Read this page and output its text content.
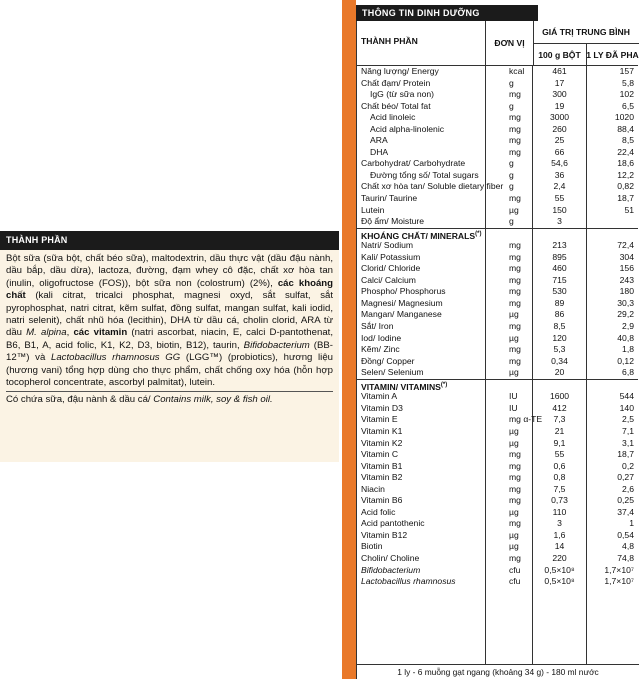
THÀNH PHẦN

Bột sữa (sữa bột, chất béo sữa), maltodextrin, dầu thực vật (dầu đậu nành, dầu bắp, dầu dừa), lactoza, đường, đạm whey cô đặc, chất xơ hòa tan (inulin, oligofructose (FOS)), bột sữa non (colostrum) (2%), các khoáng chất (kali citrat, tricalci phosphat, magnesi oxyd, sắt sulfat, sắt pyrophosphat, natri citrat, kẽm sulfat, đồng sulfat, mangan sulfat, kali iodid, natri selenit), chất nhũ hóa (lecithin), DHA từ dầu cá, cholin clorid, ARA từ dầu M. alpina, các vitamin (natri ascorbat, niacin, E, calci D-pantothenat, B6, B1, A, acid folic, K1, K2, D3, biotin, B12), taurin, Bifidobacterium (BB-12™) và Lactobacillus rhamnosus GG (LGG™) (probiotics), hương liệu (hương vani) tổng hợp dùng cho thực phẩm, chất chống oxy hóa (hỗn hợp tocopherol concentrate, ascorbyl palmitat), lutein.

Có chứa sữa, đậu nành & dầu cá/ Contains milk, soy & fish oil.

THÔNG TIN DINH DƯỠNG
THÀNH PHẦN	ĐƠN VỊ
GIÁ TRỊ TRUNG BÌNH
100 g BỘT 1 LY ĐÃ PHA
Năng lượng/ Energy	kcal	461	157
Chất đạm/ Protein	g	17	5,8
IgG (từ sữa non)	mg	300	102
Chất béo/ Total fat	g	19	6,5
Acid linoleic	mg	3000	1020
Acid alpha-linolenic	mg	260	88,4
ARA	mg	25	8,5
DHA	mg	66	22,4
Carbohydrat/ Carbohydrate	g	54,6	18,6
Đường tổng số/ Total sugars	g	36	12,2
Chất xơ hòa tan/ Soluble dietary fiber g	2,4	0,82
Taurin/ Taurine	mg	55	18,7
Lutein	µg	150	51
Độ ẩm/ Moisture	g	3
KHOÁNG CHẤT/ MINERALS(*)
Natri/ Sodium	mg	213	72,4
Kali/ Potassium	mg	895	304
Clorid/ Chloride	mg	460	156
Calci/ Calcium	mg	715	243
Phospho/ Phosphorus	mg	530	180
Magnesi/ Magnesium	mg	89	30,3
Mangan/ Manganese	µg	86	29,2
Sắt/ Iron	mg	8,5	2,9
Iod/ Iodine	µg	120	40,8
Kẽm/ Zinc	mg	5,3	1,8
Đồng/ Copper	mg	0,34	0,12
Selen/ Selenium	µg	20	6,8
VITAMIN/ VITAMINS(*)
Vitamin A	IU	1600	544
Vitamin D3	IU	412	140
Vitamin E	mg α-TE	7,3	2,5
Vitamin K1	µg	21	7,1
Vitamin K2	µg	9,1	3,1
Vitamin C	mg	55	18,7
Vitamin B1	mg	0,6	0,2
Vitamin B2	mg	0,8	0,27
Niacin	mg	7,5	2,6
Vitamin B6	mg	0,73	0,25
Acid folic	µg	110	37,4
Acid pantothenic	mg	3	1
Vitamin B12	µg	1,6	0,54
Biotin	µg	14	4,8
Cholin/ Choline	mg	220	74,8
Bifidobacterium	cfu	0,5×10⁸	1,7×10⁷
Lactobacillus rhamnosus	cfu	0,5×10⁸	1,7×10⁷
1 ly - 6 muỗng gạt ngang (khoảng 34 g) - 180 ml nước
